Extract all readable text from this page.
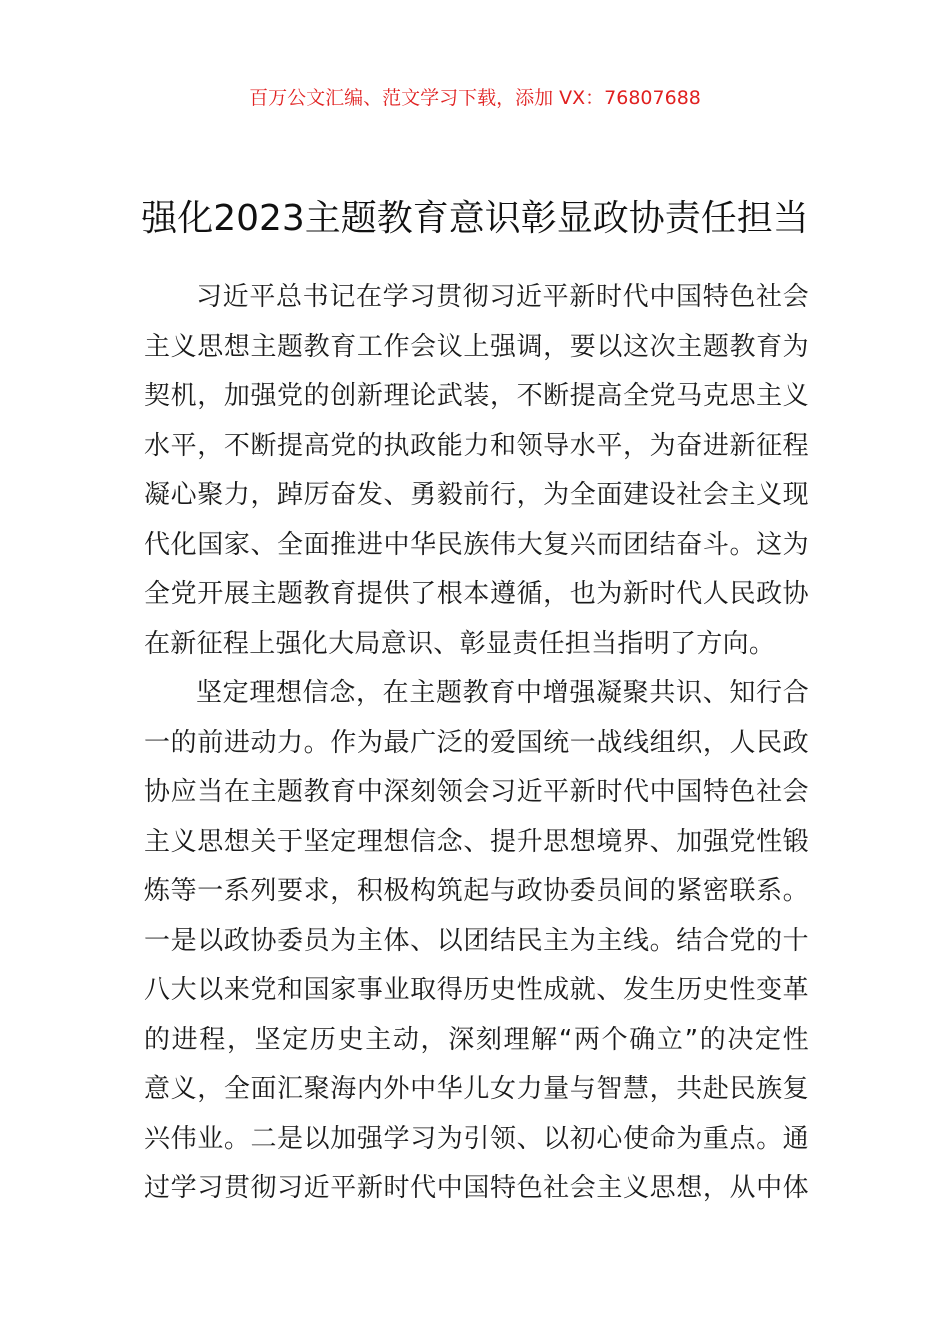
百万公文汇编、范文学习下载，添加 VX：76807688
强化2023主题教育意识彰显政协责任担当
习近平总书记在学习贯彻习近平新时代中国特色社会
主义思想主题教育工作会议上强调，要以这次主题教育为
契机，加强党的创新理论武装，不断提高全党马克思主义
水平，不断提高党的执政能力和领导水平，为奋进新征程
凝心聚力，踔厉奋发、勇毅前行，为全面建设社会主义现
代化国家、全面推进中华民族伟大复兴而团结奋斗。这为
全党开展主题教育提供了根本遵循，也为新时代人民政协
在新征程上强化大局意识、彰显责任担当指明了方向。
坚定理想信念，在主题教育中增强凝聚共识、知行合
一的前进动力。作为最广泛的爱国统一战线组织，人民政
协应当在主题教育中深刻领会习近平新时代中国特色社会
主义思想关于坚定理想信念、提升思想境界、加强党性锻
炼等一系列要求，积极构筑起与政协委员间的紧密联系。
一是以政协委员为主体、以团结民主为主线。结合党的十
八大以来党和国家事业取得历史性成就、发生历史性变革
的进程，坚定历史主动，深刻理解“两个确立”的决定性
意义，全面汇聚海内外中华儿女力量与智慧，共赴民族复
兴伟业。二是以加强学习为引领、以初心使命为重点。通
过学习贯彻习近平新时代中国特色社会主义思想，从中体
